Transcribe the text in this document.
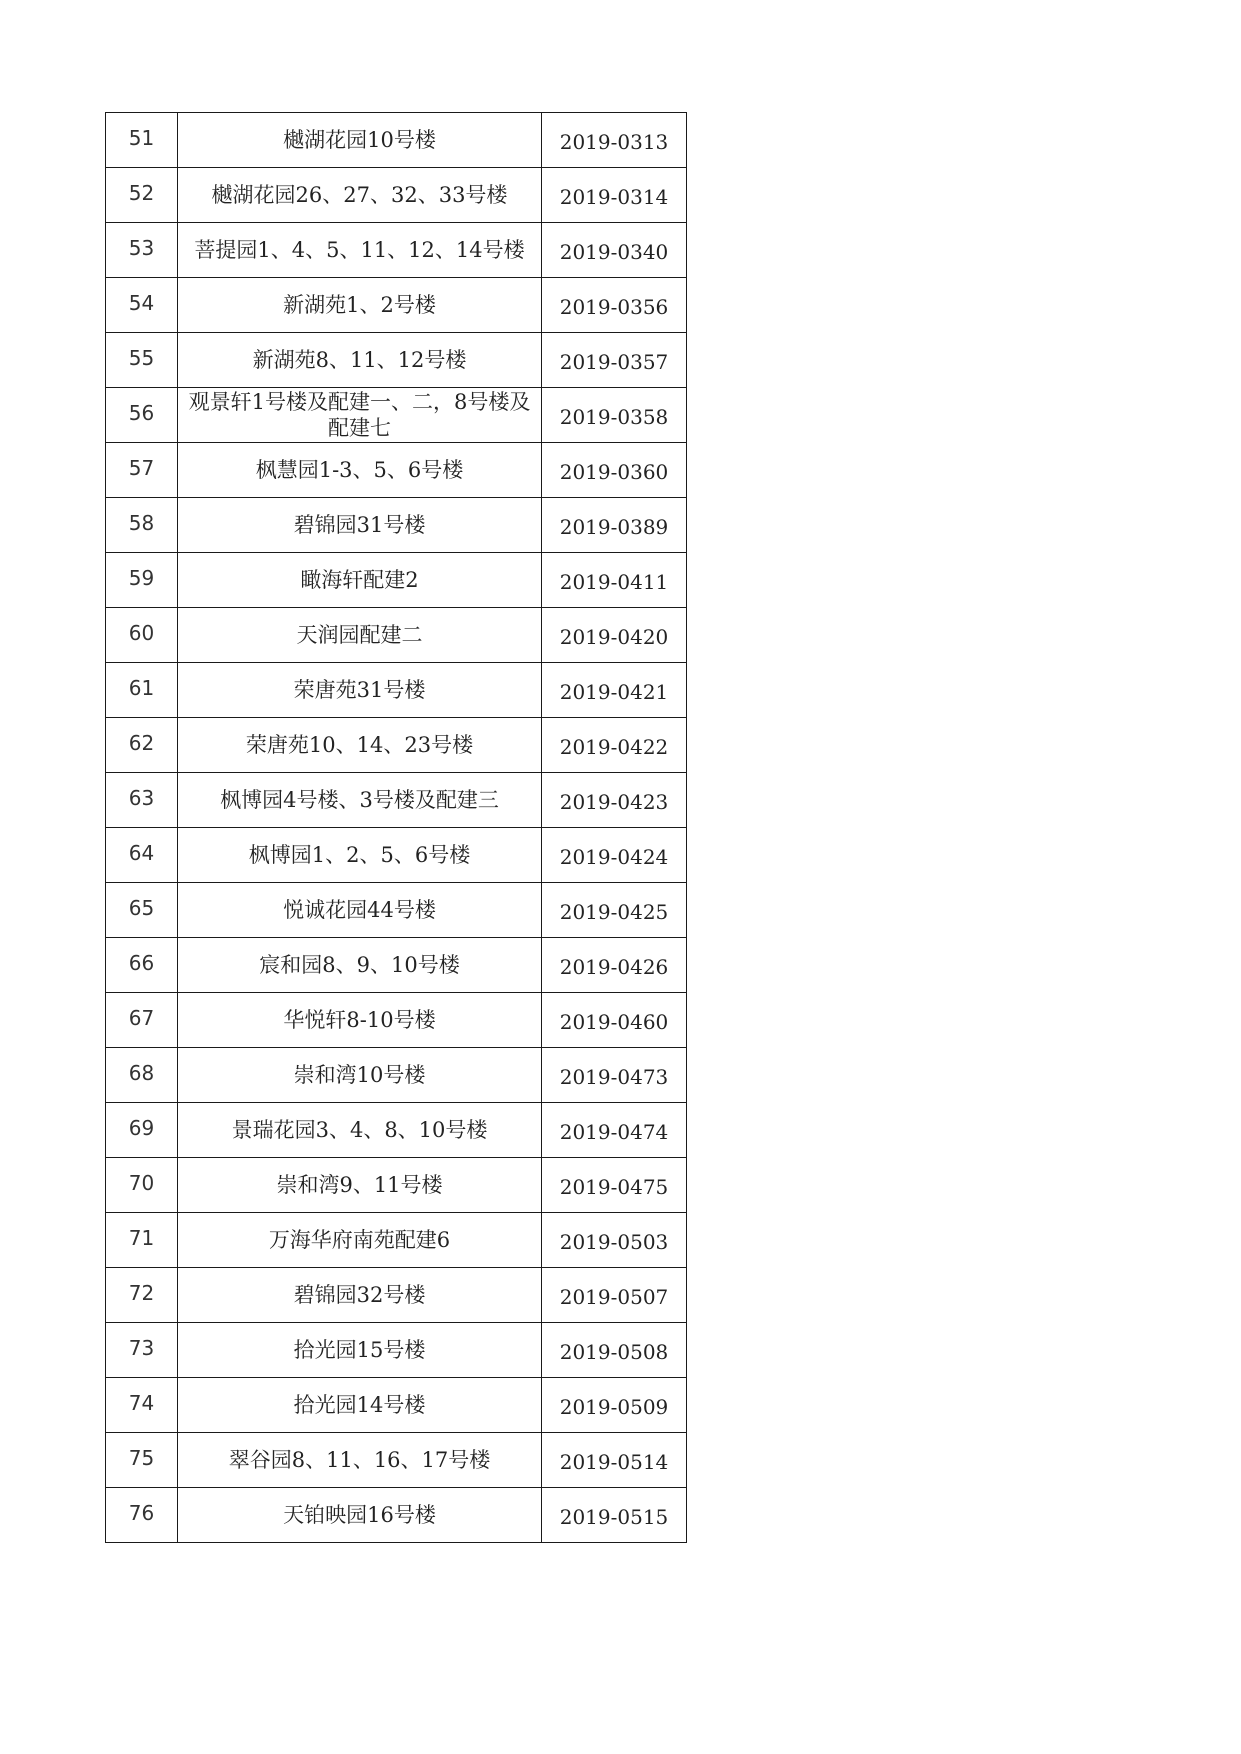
51	樾湖花园10号楼	2019-0313
52	樾湖花园26、27、32、33号楼	2019-0314
53	菩提园1、4、5、11、12、14号楼	2019-0340
54	新湖苑1、2号楼	2019-0356
55	新湖苑8、11、12号楼	2019-0357
56	观景轩1号楼及配建一、二，8号楼及配建七	2019-0358
57	枫慧园1-3、5、6号楼	2019-0360
58	碧锦园31号楼	2019-0389
59	瞰海轩配建2	2019-0411
60	天润园配建二	2019-0420
61	荣唐苑31号楼	2019-0421
62	荣唐苑10、14、23号楼	2019-0422
63	枫博园4号楼、3号楼及配建三	2019-0423
64	枫博园1、2、5、6号楼	2019-0424
65	悦诚花园44号楼	2019-0425
66	宸和园8、9、10号楼	2019-0426
67	华悦轩8-10号楼	2019-0460
68	崇和湾10号楼	2019-0473
69	景瑞花园3、4、8、10号楼	2019-0474
70	崇和湾9、11号楼	2019-0475
71	万海华府南苑配建6	2019-0503
72	碧锦园32号楼	2019-0507
73	拾光园15号楼	2019-0508
74	拾光园14号楼	2019-0509
75	翠谷园8、11、16、17号楼	2019-0514
76	天铂映园16号楼	2019-0515
